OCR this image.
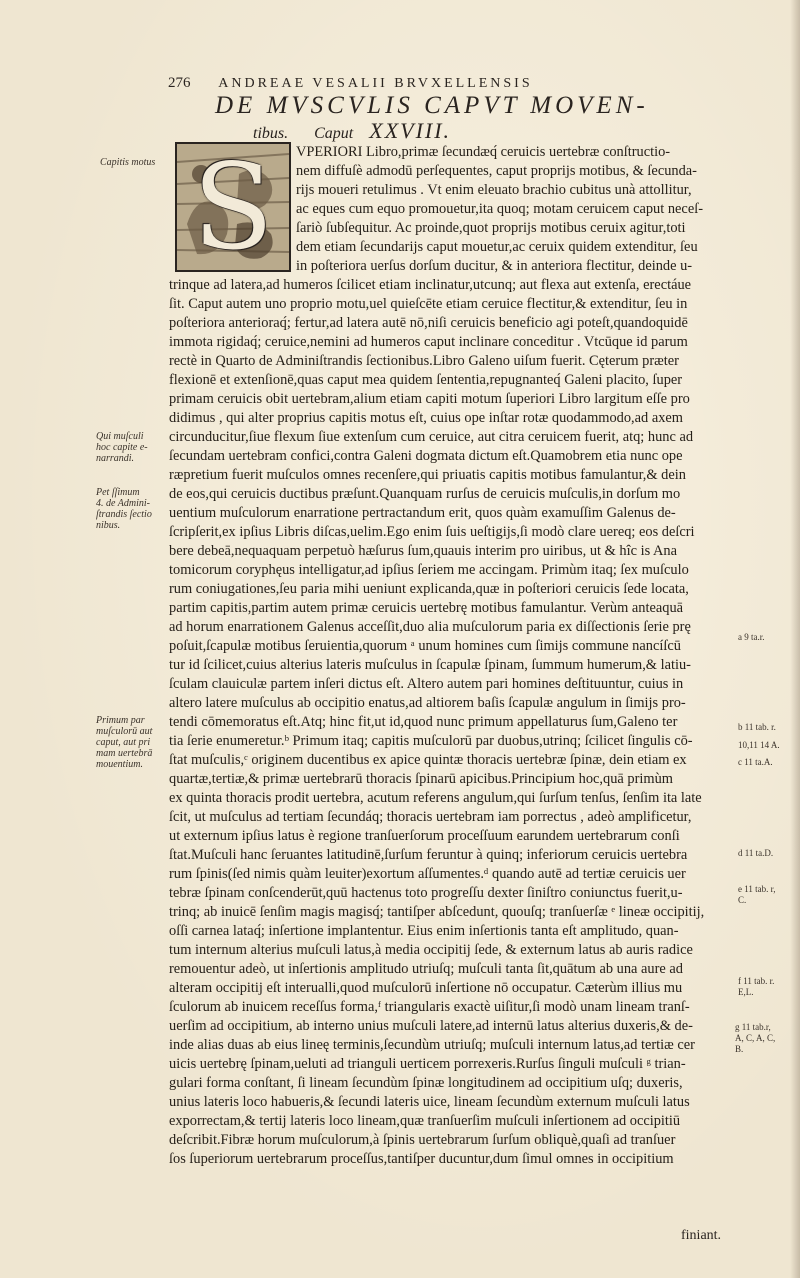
276 ANDREAE VESALII BRVXELLENSIS
DE MVSCVLIS CAPVT MOVEN-
tibus. Caput XXVIII.
S	VPERIORI Libro,primæ ſecundæq́ ceruicis uertebræ conſtructio-
nem diffuſè admodū perſequentes, caput proprijs motibus, & ſecunda-
rijs moueri retulimus . Vt enim eleuato brachio cubitus unà attollitur,
ac eques cum equo promouetur,ita quoq; motam ceruicem caput neceſ-
ſariò ſubſequitur. Ac proinde,quot proprijs motibus ceruix agitur,toti
dem etiam ſecundarijs caput mouetur,ac ceruix quidem extenditur, ſeu
in poſteriora uerſus dorſum ducitur, & in anteriora flectitur, deinde u-
trinque ad latera,ad humeros ſcilicet etiam inclinatur,utcunq; aut flexa aut extenſa, erectáue
ſit. Caput autem uno proprio motu,uel quieſcēte etiam ceruice flectitur,& extenditur, ſeu in
poſteriora anterioraq́; fertur,ad latera autē nō,niſi ceruicis beneficio agi poteſt,quandoquidē
immota rigidaq́; ceruice,nemini ad humeros caput inclinare conceditur . Vtcūque id parum
rectè in Quarto de Adminiſtrandis ſectionibus.Libro Galeno uiſum fuerit. Cęterum præter
flexionē et extenſionē,quas caput mea quidem ſententia,repugnanteq́ Galeni placito, ſuper
primam ceruicis obit uertebram,alium etiam capiti motum ſuperiori Libro largitum eſſe pro
didimus , qui alter proprius capitis motus eſt, cuius ope inſtar rotæ quodammodo,ad axem
circunducitur,ſiue flexum ſiue extenſum cum ceruice, aut citra ceruicem fuerit, atq; hunc ad
ſecundam uertebram confici,contra Galeni dogmata dictum eſt.Quamobrem etia nunc ope
ræpretium fuerit muſculos omnes recenſere,qui priuatis capitis motibus famulantur,& dein
de eos,qui ceruicis ductibus præſunt.Quanquam rurſus de ceruicis muſculis,in dorſum mo
uentium muſculorum enarratione pertractandum erit, quos quàm examuſſim Galenus de-
ſcripſerit,ex ipſius Libris diſcas,uelim.Ego enim ſuis ueſtigijs,ſi modò clare uereq; eos deſcri
bere debeā,nequaquam perpetuò hæſurus ſum,quauis interim pro uiribus, ut & hîc is Ana
tomicorum coryphęus intelligatur,ad ipſius ſeriem me accingam. Primùm itaq; ſex muſculo
rum coniugationes,ſeu paria mihi ueniunt explicanda,quæ in poſteriori ceruicis ſede locata,
partim capitis,partim autem primæ ceruicis uertebrę motibus famulantur. Verùm anteaquā
ad horum enarrationem Galenus acceſſit,duo alia muſculorum paria ex diſſectionis ſerie prę
poſuit,ſcapulæ motibus ſeruientia,quorum ᵃ unum homines cum ſimijs commune nancíſcū
tur id ſcilicet,cuius alterius lateris muſculus in ſcapulæ ſpinam, ſummum humerum,& latiu-
ſculam clauiculæ partem inſeri dictus eſt. Altero autem pari homines deſtituuntur, cuius in
altero latere muſculus ab occipitio enatus,ad altiorem baſis ſcapulæ angulum in ſimijs pro-
tendi cōmemoratus eſt.Atq; hinc fit,ut id,quod nunc primum appellaturus ſum,Galeno ter
tia ſerie enumeretur.ᵇ Primum itaq; capitis muſculorū par duobus,utrinq; ſcilicet ſingulis cō-
ſtat muſculis,ᶜ originem ducentibus ex apice quintæ thoracis uertebræ ſpinæ, dein etiam ex
quartæ,tertiæ,& primæ uertebrarū thoracis ſpinarū apicibus.Principium hoc,quā primùm
ex quinta thoracis prodit uertebra, acutum referens angulum,qui ſurſum tenſus, ſenſim ita late
ſcit, ut muſculus ad tertiam ſecundáq; thoracis uertebram iam porrectus , adeò amplificetur,
ut externum ipſius latus è regione tranſuerſorum proceſſuum earundem uertebrarum conſi
ſtat.Muſculi hanc ſeruantes latitudinē,ſurſum feruntur à quinq; inferiorum ceruicis uertebra
rum ſpinis(ſed nimis quàm leuiter)exortum aſſumentes.ᵈ quando autē ad tertiæ ceruicis uer
tebræ ſpinam conſcenderūt,quū hactenus toto progreſſu dexter ſiniſtro coniunctus fuerit,u-
trinq; ab inuicē ſenſim magis magisq́; tantiſper abſcedunt, quouſq; tranſuerſæ ᵉ lineæ occipitij,
oſſi carnea lataq́; inſertione implantentur. Eius enim inſertionis tanta eſt amplitudo, quan-
tum internum alterius muſculi latus,à media occipitij ſede, & externum latus ab auris radice
remouentur adeò, ut inſertionis amplitudo utriuſq; muſculi tanta ſit,quātum ab una aure ad
alteram occipitij eſt interualli,quod muſculorū inſertione nō occupatur. Cæterùm illius mu
ſculorum ab inuicem receſſus forma,ᶠ triangularis exactè uiſitur,ſi modò unam lineam tranſ-
uerſim ad occipitium, ab interno unius muſculi latere,ad internū latus alterius duxeris,& de-
inde alias duas ab eius lineę terminis,ſecundùm utriuſq; muſculi internum latus,ad tertiæ cer
uicis uertebrę ſpinam,ueluti ad trianguli uerticem porrexeris.Rurſus ſinguli muſculi ᵍ trian-
gulari forma conſtant, ſi lineam ſecundùm ſpinæ longitudinem ad occipitium uſq; duxeris,
unius lateris loco habueris,& ſecundi lateris uice, lineam ſecundùm externum muſculi latus
exporrectam,& tertij lateris loco lineam,quæ tranſuerſim muſculi inſertionem ad occipitiū
deſcribit.Fibræ horum muſculorum,à ſpinis uertebrarum ſurſum obliquè,quaſi ad tranſuer
ſos ſuperiorum uertebrarum proceſſus,tantiſper ducuntur,dum ſimul omnes in occipitium
finiant.
Capitis motus
Qui muſculi
hoc capite e-
narrandi.
Pet ſſimum
4. de Admini-
ſtrandis ſectio
nibus.
Primum par
muſculorū aut
caput, aut pri
mam uertebrā
mouentium.
a 9 ta.r.
b 11 tab. r.
10,11 14 A.
c 11 ta.A.
d 11 ta.D.
e 11 tab. r,
C.
f 11 tab. r.
E,L.
g 11 tab.r,
A, C, A, C,
B.
